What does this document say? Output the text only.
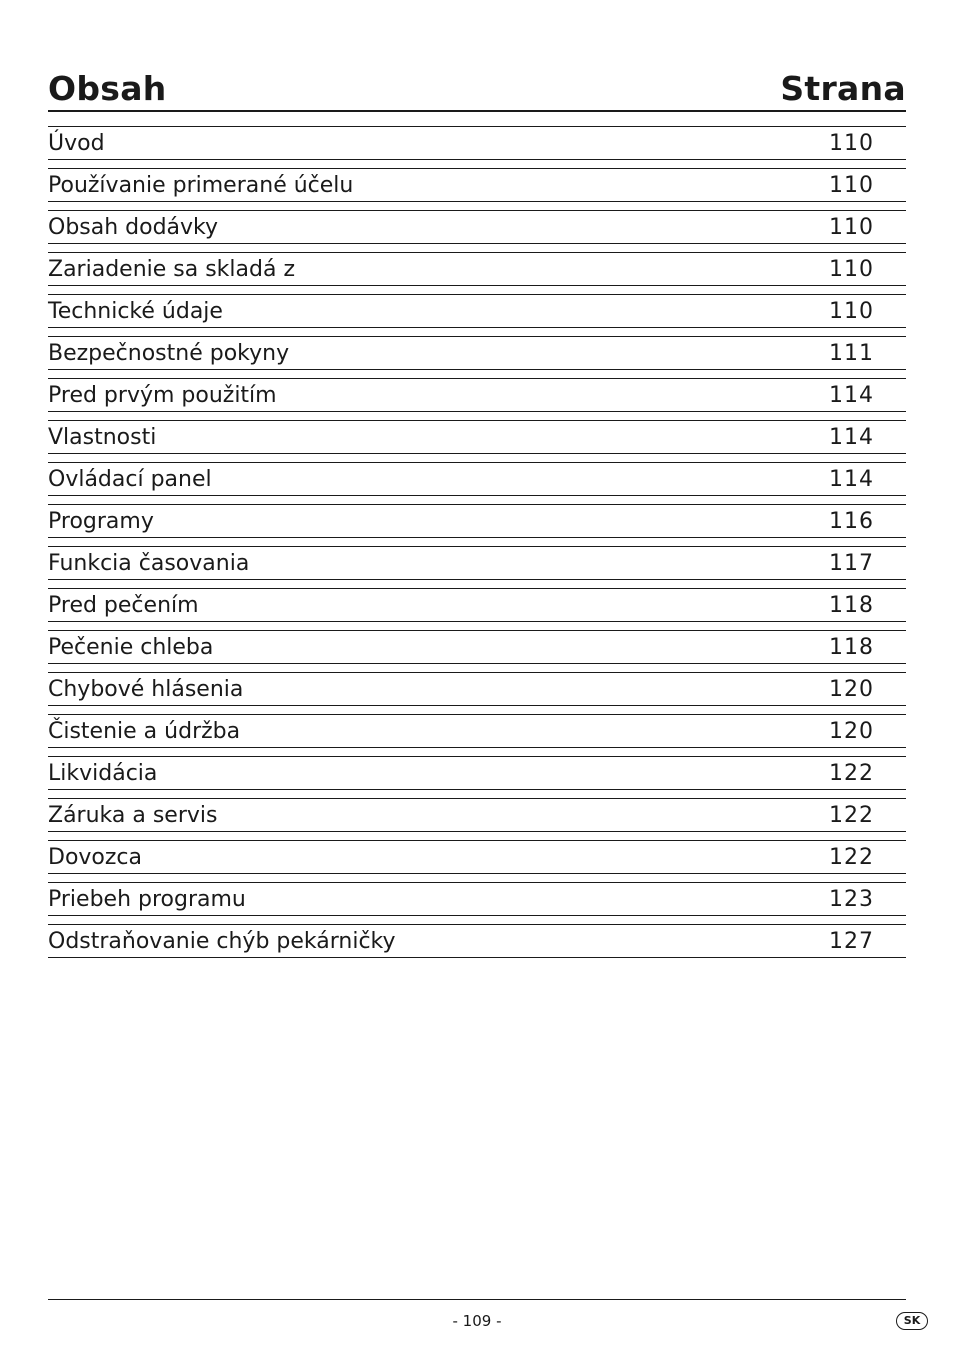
Obsah	Strana
Úvod	110
Používanie primerané účelu	110
Obsah dodávky	110
Zariadenie sa skladá z	110
Technické údaje	110
Bezpečnostné pokyny	111
Pred prvým použitím	114
Vlastnosti	114
Ovládací panel	114
Programy	116
Funkcia časovania	117
Pred pečením	118
Pečenie chleba	118
Chybové hlásenia	120
Čistenie a údržba	120
Likvidácia	122
Záruka a servis	122
Dovozca	122
Priebeh programu	123
Odstraňovanie chýb pekárničky	127
- 109 -	SK
